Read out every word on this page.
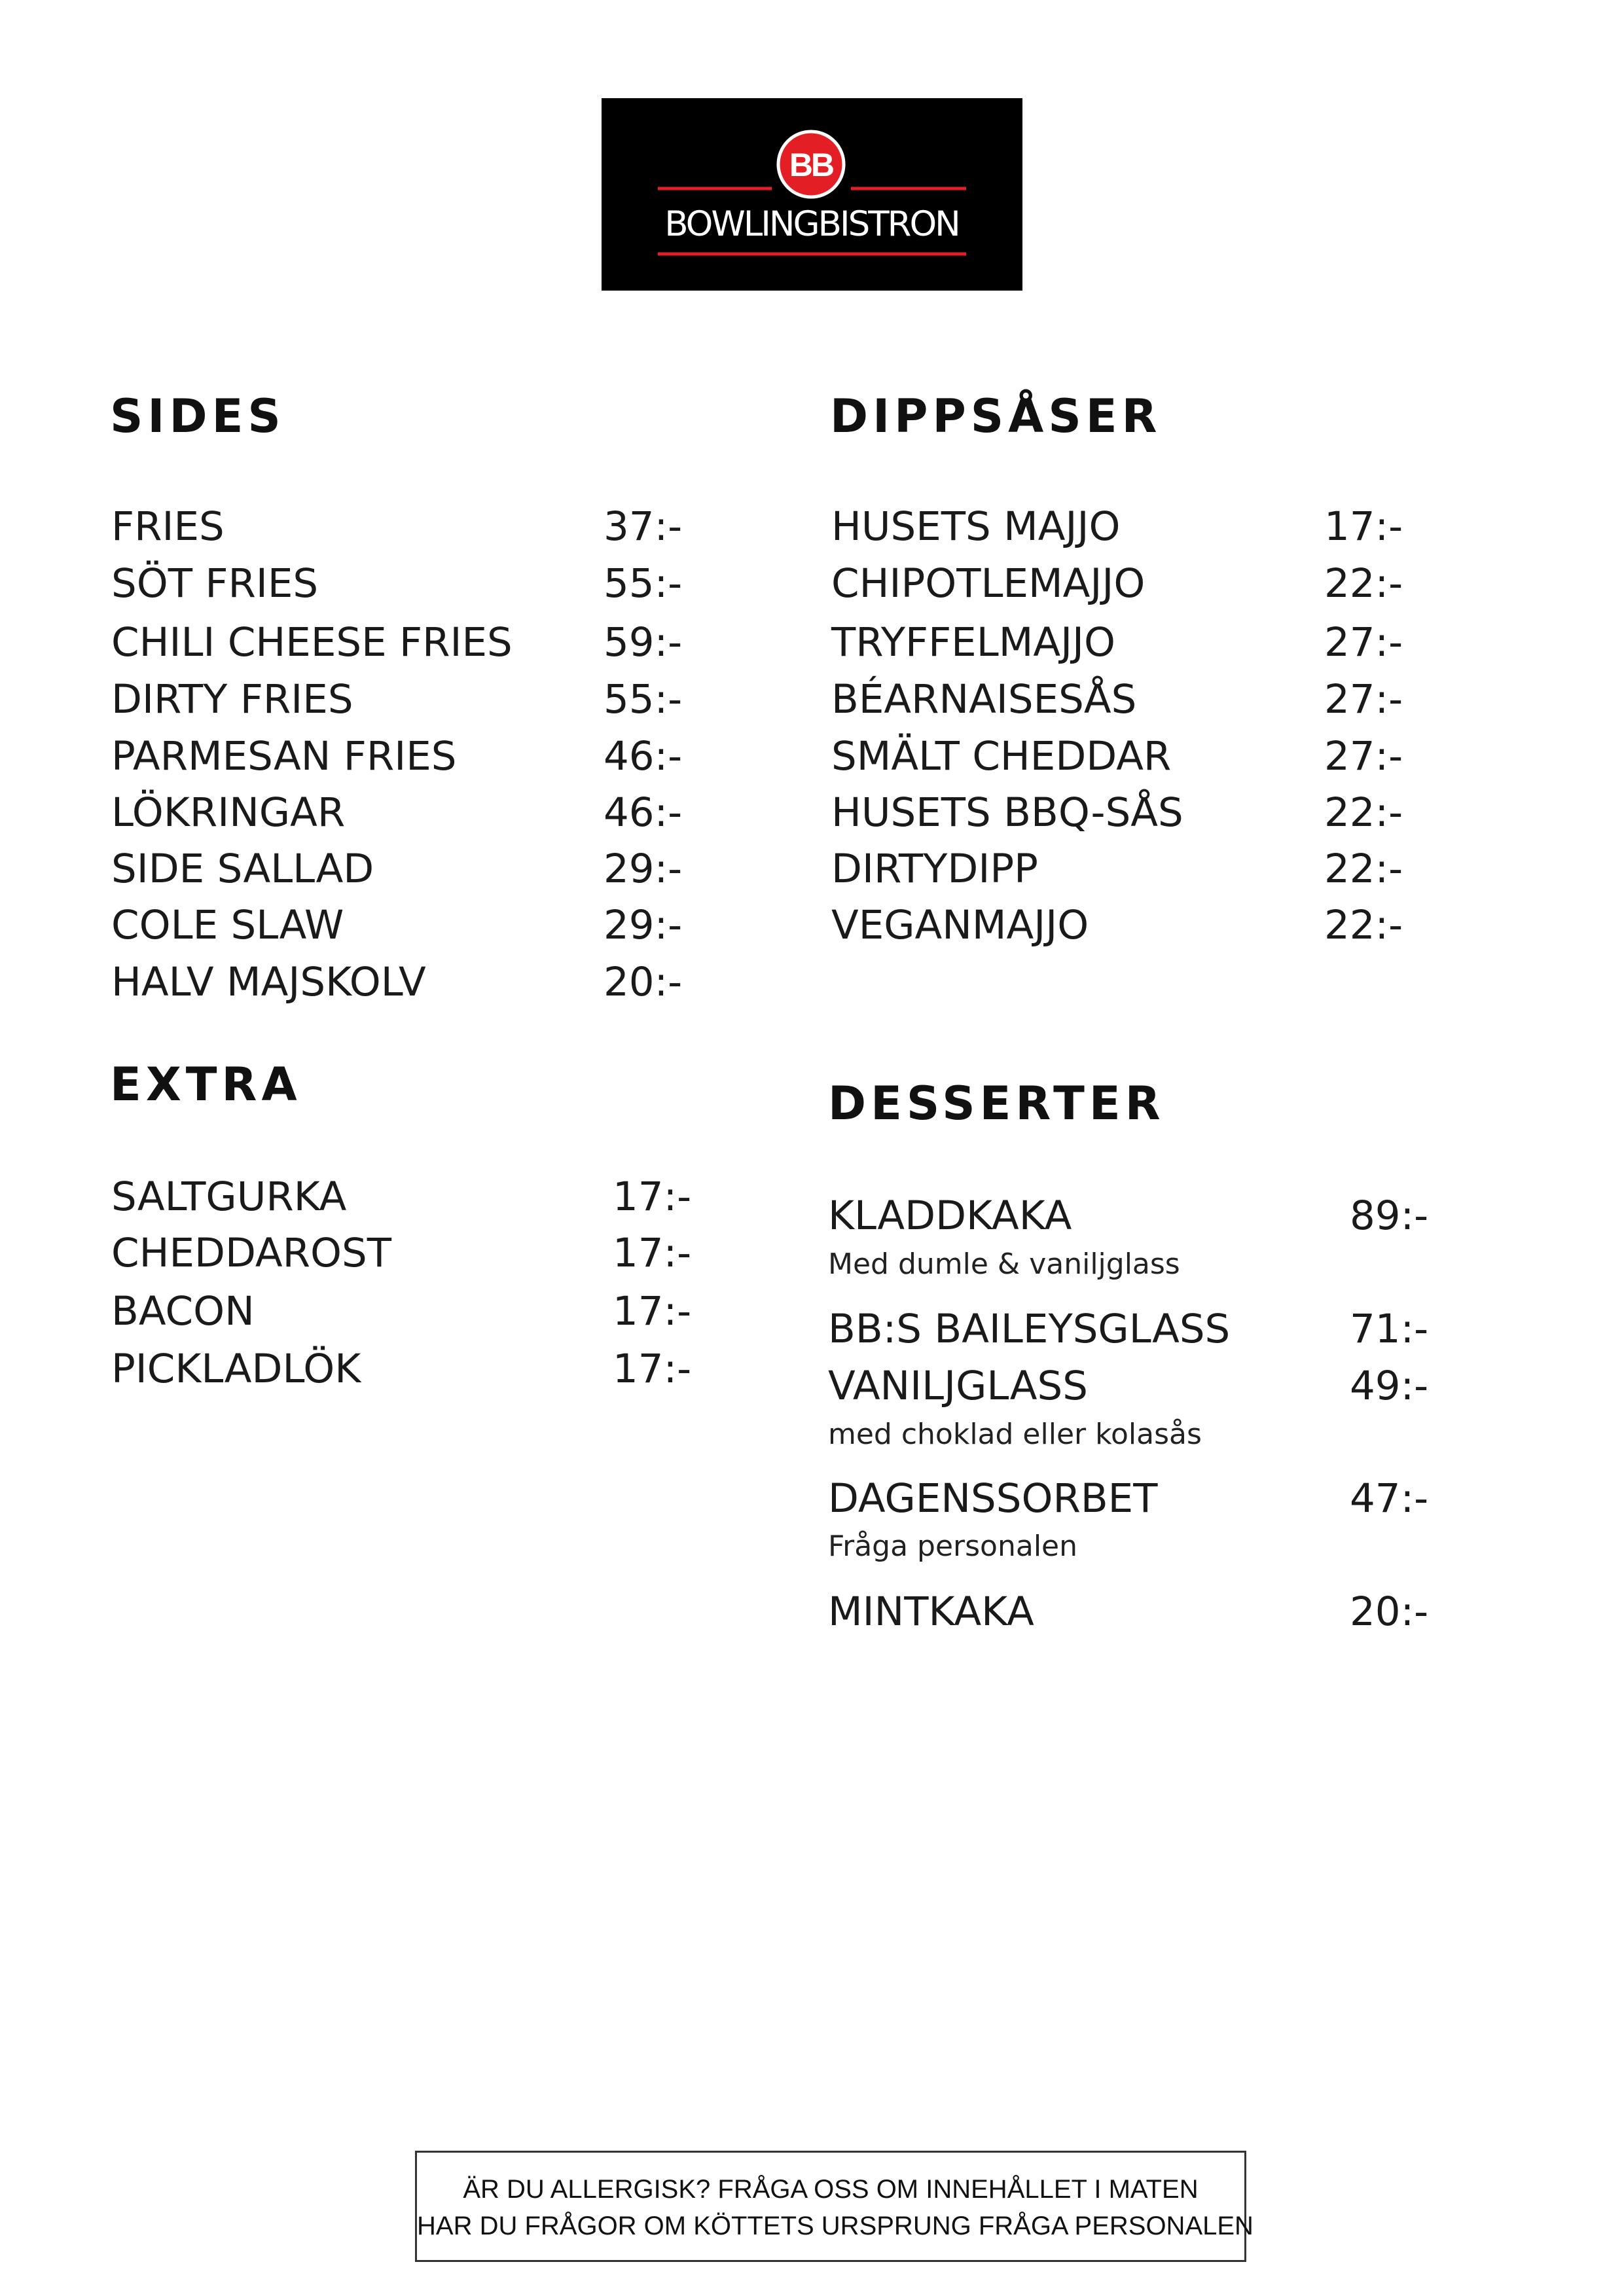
BB
BOWLINGBISTRON
SIDES
FRIES	37:-
SÖT FRIES	55:-
CHILI CHEESE FRIES 59:-
DIRTY FRIES	55:-
PARMESAN FRIES	46:-
LÖKRINGAR	46:-
SIDE SALLAD	29:-
COLE SLAW	29:-
HALV MAJSKOLV	20:-
EXTRA
SALTGURKA	17:-
CHEDDAROST	17:-
BACON	17:-
PICKLADLÖK	17:-
DIPPSÅSER
HUSETS MAJJO	17:-
CHIPOTLEMAJJO	22:-
TRYFFELMAJJO	27:-
BÉARNAISESÅS	27:-
SMÄLT CHEDDAR	27:-
HUSETS BBQ-SÅS	22:-
DIRTYDIPP	22:-
VEGANMAJJO	22:-
DESSERTER
KLADDKAKA	89:-
Med dumle & vaniljglass
BB:S BAILEYSGLASS	71:-
VANILJGLASS	49:-
med choklad eller kolasås
DAGENSSORBET	47:-
Fråga personalen
MINTKAKA	20:-
ÄR DU ALLERGISK? FRÅGA OSS OM INNEHÅLLET I MATEN
HAR DU FRÅGOR OM KÖTTETS URSPRUNG FRÅGA PERSONALEN
